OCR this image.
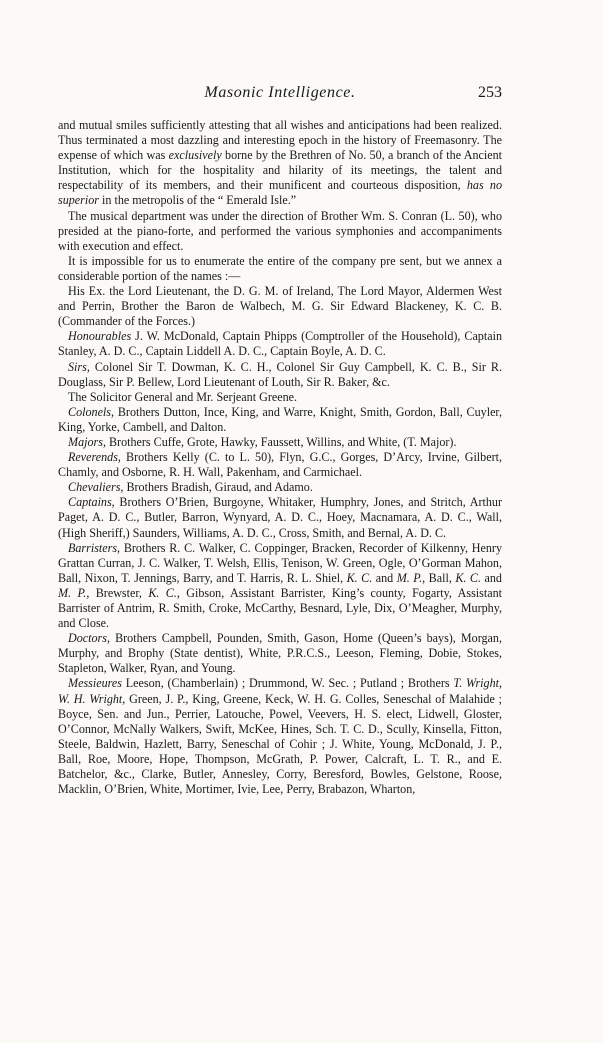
Masonic Intelligence.	253

and mutual smiles sufficiently attesting that all wishes and anticipations had been realized. Thus terminated a most dazzling and interesting epoch in the history of Freemasonry. The expense of which was exclusively borne by the Brethren of No. 50, a branch of the Ancient Institution, which for the hospitality and hilarity of its meetings, the talent and respectability of its members, and their munificent and courteous disposition, has no superior in the metropolis of the “ Emerald Isle.”

The musical department was under the direction of Brother Wm. S. Conran (L. 50), who presided at the piano-forte, and performed the various symphonies and accompaniments with execution and effect.

It is impossible for us to enumerate the entire of the company pre sent, but we annex a considerable portion of the names :—

His Ex. the Lord Lieutenant, the D. G. M. of Ireland, The Lord Mayor, Aldermen West and Perrin, Brother the Baron de Walbech, M. G. Sir Edward Blackeney, K. C. B. (Commander of the Forces.)

Honourables J. W. McDonald, Captain Phipps (Comptroller of the Household), Captain Stanley, A. D. C., Captain Liddell A. D. C., Captain Boyle, A. D. C.

Sirs, Colonel Sir T. Dowman, K. C. H., Colonel Sir Guy Campbell, K. C. B., Sir R. Douglass, Sir P. Bellew, Lord Lieutenant of Louth, Sir R. Baker, &c.

The Solicitor General and Mr. Serjeant Greene.

Colonels, Brothers Dutton, Ince, King, and Warre, Knight, Smith, Gordon, Ball, Cuyler, King, Yorke, Cambell, and Dalton.

Majors, Brothers Cuffe, Grote, Hawky, Faussett, Willins, and White, (T. Major).

Reverends, Brothers Kelly (C. to L. 50), Flyn, G.C., Gorges, D’Arcy, Irvine, Gilbert, Chamly, and Osborne, R. H. Wall, Pakenham, and Carmichael.

Chevaliers, Brothers Bradish, Giraud, and Adamo.

Captains, Brothers O’Brien, Burgoyne, Whitaker, Humphry, Jones, and Stritch, Arthur Paget, A. D. C., Butler, Barron, Wynyard, A. D. C., Hoey, Macnamara, A. D. C., Wall, (High Sheriff,) Saunders, Williams, A. D. C., Cross, Smith, and Bernal, A. D. C.

Barristers, Brothers R. C. Walker, C. Coppinger, Bracken, Recorder of Kilkenny, Henry Grattan Curran, J. C. Walker, T. Welsh, Ellis, Tenison, W. Green, Ogle, O’Gorman Mahon, Ball, Nixon, T. Jennings, Barry, and T. Harris, R. L. Shiel, K. C. and M. P., Ball, K. C. and M. P., Brewster, K. C., Gibson, Assistant Barrister, King’s county, Fogarty, Assistant Barrister of Antrim, R. Smith, Croke, McCarthy, Besnard, Lyle, Dix, O’Meagher, Murphy, and Close.

Doctors, Brothers Campbell, Pounden, Smith, Gason, Home (Queen’s bays), Morgan, Murphy, and Brophy (State dentist), White, P.R.C.S., Leeson, Fleming, Dobie, Stokes, Stapleton, Walker, Ryan, and Young.

Messieures Leeson, (Chamberlain) ; Drummond, W. Sec. ; Putland ; Brothers T. Wright, W. H. Wright, Green, J. P., King, Greene, Keck, W. H. G. Colles, Seneschal of Malahide ; Boyce, Sen. and Jun., Perrier, Latouche, Powel, Veevers, H. S. elect, Lidwell, Gloster, O’Connor, McNally Walkers, Swift, McKee, Hines, Sch. T. C. D., Scully, Kinsella, Fitton, Steele, Baldwin, Hazlett, Barry, Seneschal of Cohir ; J. White, Young, McDonald, J. P., Ball, Roe, Moore, Hope, Thompson, McGrath, P. Power, Calcraft, L. T. R., and E. Batchelor, &c., Clarke, Butler, Annesley, Corry, Beresford, Bowles, Gelstone, Roose, Macklin, O’Brien, White, Mortimer, Ivie, Lee, Perry, Brabazon, Wharton,
